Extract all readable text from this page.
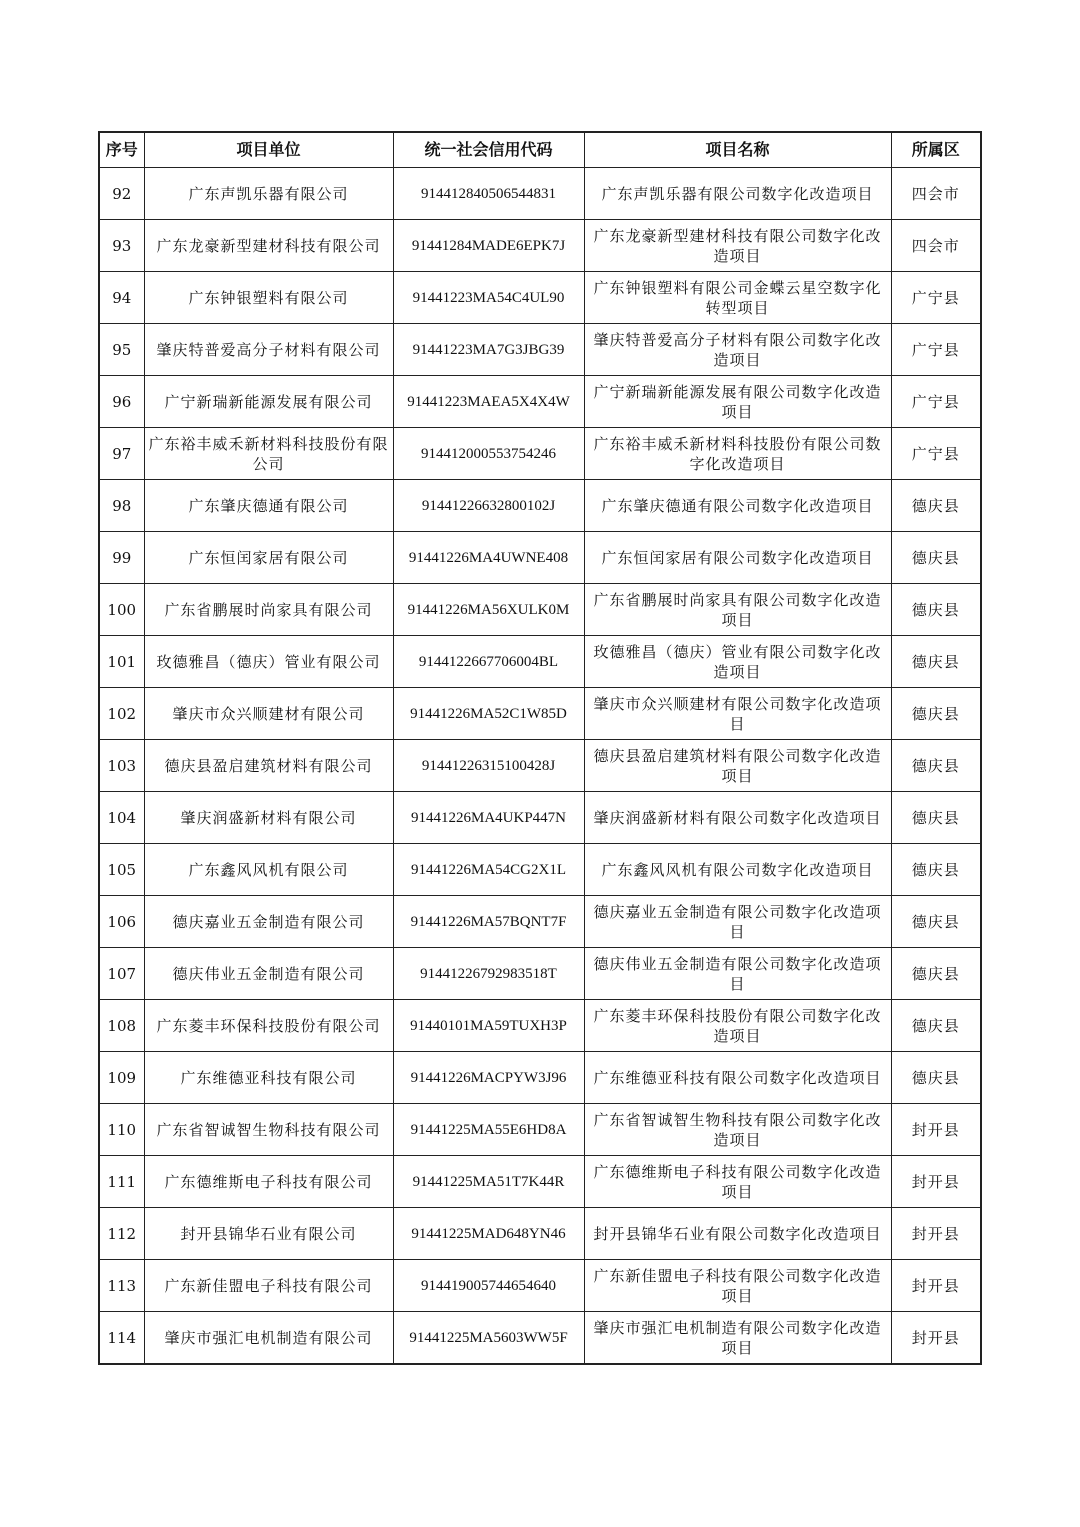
序号	项目单位	统一社会信用代码	项目名称	所属区
92	广东声凯乐器有限公司	914412840506544831	广东声凯乐器有限公司数字化改造项目	四会市
93	广东龙豪新型建材科技有限公司	91441284MADE6EPK7J	广东龙豪新型建材科技有限公司数字化改造项目	四会市
94	广东钟银塑料有限公司	91441223MA54C4UL90	广东钟银塑料有限公司金蝶云星空数字化转型项目	广宁县
95	肇庆特普爱高分子材料有限公司	91441223MA7G3JBG39	肇庆特普爱高分子材料有限公司数字化改造项目	广宁县
96	广宁新瑞新能源发展有限公司	91441223MAEA5X4X4W	广宁新瑞新能源发展有限公司数字化改造项目	广宁县
97	广东裕丰威禾新材料科技股份有限公司	914412000553754246	广东裕丰威禾新材料科技股份有限公司数字化改造项目	广宁县
98	广东肇庆德通有限公司	91441226632800102J	广东肇庆德通有限公司数字化改造项目	德庆县
99	广东恒闰家居有限公司	91441226MA4UWNE408	广东恒闰家居有限公司数字化改造项目	德庆县
100	广东省鹏展时尚家具有限公司	91441226MA56XULK0M	广东省鹏展时尚家具有限公司数字化改造项目	德庆县
101	玫德雅昌（德庆）管业有限公司	9144122667706004BL	玫德雅昌（德庆）管业有限公司数字化改造项目	德庆县
102	肇庆市众兴顺建材有限公司	91441226MA52C1W85D	肇庆市众兴顺建材有限公司数字化改造项目	德庆县
103	德庆县盈启建筑材料有限公司	91441226315100428J	德庆县盈启建筑材料有限公司数字化改造项目	德庆县
104	肇庆润盛新材料有限公司	91441226MA4UKP447N	肇庆润盛新材料有限公司数字化改造项目	德庆县
105	广东鑫风风机有限公司	91441226MA54CG2X1L	广东鑫风风机有限公司数字化改造项目	德庆县
106	德庆嘉业五金制造有限公司	91441226MA57BQNT7F	德庆嘉业五金制造有限公司数字化改造项目	德庆县
107	德庆伟业五金制造有限公司	91441226792983518T	德庆伟业五金制造有限公司数字化改造项目	德庆县
108	广东菱丰环保科技股份有限公司	91440101MA59TUXH3P	广东菱丰环保科技股份有限公司数字化改造项目	德庆县
109	广东维德亚科技有限公司	91441226MACPYW3J96	广东维德亚科技有限公司数字化改造项目	德庆县
110	广东省智诚智生物科技有限公司	91441225MA55E6HD8A	广东省智诚智生物科技有限公司数字化改造项目	封开县
111	广东德维斯电子科技有限公司	91441225MA51T7K44R	广东德维斯电子科技有限公司数字化改造项目	封开县
112	封开县锦华石业有限公司	91441225MAD648YN46	封开县锦华石业有限公司数字化改造项目	封开县
113	广东新佳盟电子科技有限公司	914419005744654640	广东新佳盟电子科技有限公司数字化改造项目	封开县
114	肇庆市强汇电机制造有限公司	91441225MA5603WW5F	肇庆市强汇电机制造有限公司数字化改造项目	封开县
